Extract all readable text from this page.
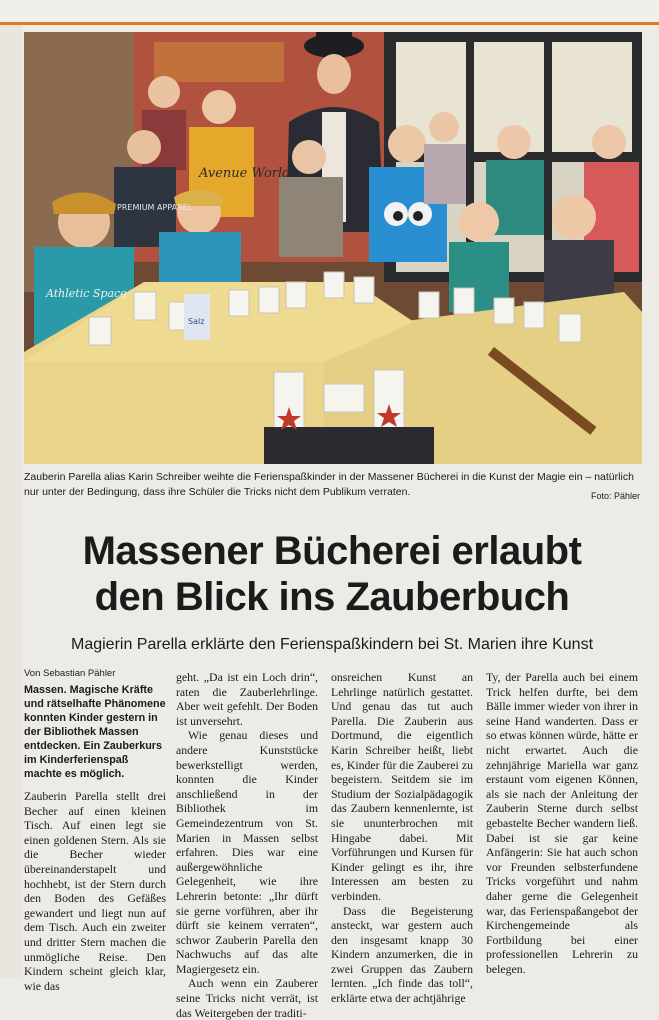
Avenue World
PREMIUM APPAREL
Athletic Space
Salz
Zauberin Parella alias Karin Schreiber weihte die Ferienspaßkinder in der Massener Bücherei in die Kunst der Magie ein – natürlich nur unter der Bedingung, dass ihre Schüler die Tricks nicht dem Publikum verraten.	Foto: Pähler
Massener Bücherei erlaubt
den Blick ins Zauberbuch
Magierin Parella erklärte den Ferienspaßkindern bei St. Marien ihre Kunst
Von Sebastian Pähler
Massen. Magische Kräfte und rätselhafte Phänomene konnten Kinder gestern in der Bibliothek Massen entdecken. Ein Zauberkurs im Kinderferienspaß machte es möglich.

Zauberin Parella stellt drei Becher auf einen kleinen Tisch. Auf einen legt sie einen goldenen Stern. Als sie die Becher wieder übereinanderstapelt und hochhebt, ist der Stern durch den Boden des Gefäßes gewandert und liegt nun auf dem Tisch. Auch ein zweiter und dritter Stern machen die unmögliche Reise. Den Kindern scheint gleich klar, wie das

geht. „Da ist ein Loch drin“, raten die Zauberlehrlinge. Aber weit gefehlt. Der Boden ist unversehrt.

Wie genau dieses und andere Kunststücke bewerkstelligt werden, konnten die Kinder anschließend in der Bibliothek im Gemeindezentrum von St. Marien in Massen selbst erfahren. Dies war eine außergewöhnliche Gelegenheit, wie ihre Lehrerin betonte: „Ihr dürft sie gerne vorführen, aber ihr dürft sie keinem verraten“, schwor Zauberin Parella den Nachwuchs auf das alte Magiergesetz ein.

Auch wenn ein Zauberer seine Tricks nicht verrät, ist das Weitergeben der traditi-

onsreichen Kunst an Lehrlinge natürlich gestattet. Und genau das tut auch Parella. Die Zauberin aus Dortmund, die eigentlich Karin Schreiber heißt, liebt es, Kinder für die Zauberei zu begeistern. Seitdem sie im Studium der Sozialpädagogik das Zaubern kennenlernte, ist sie ununterbrochen mit Hingabe dabei. Mit Vorführungen und Kursen für Kinder gelingt es ihr, ihre Interessen am besten zu verbinden.

Dass die Begeisterung ansteckt, war gestern auch den insgesamt knapp 30 Kindern anzumerken, die in zwei Gruppen das Zaubern lernten. „Ich finde das toll“, erklärte etwa der achtjährige

Ty, der Parella auch bei einem Trick helfen durfte, bei dem Bälle immer wieder von ihrer in seine Hand wanderten. Dass er so etwas können würde, hätte er nicht erwartet. Auch die zehnjährige Mariella war ganz erstaunt vom eigenen Können, als sie nach der Anleitung der Zauberin Sterne durch selbst gebastelte Becher wandern ließ. Dabei ist sie gar keine Anfängerin: Sie hat auch schon vor Freunden selbsterfundene Tricks vorgeführt und nahm daher gerne die Gelegenheit war, das Ferienspaßangebot der Kirchengemeinde als Fortbildung bei einer professionellen Lehrerin zu belegen.
